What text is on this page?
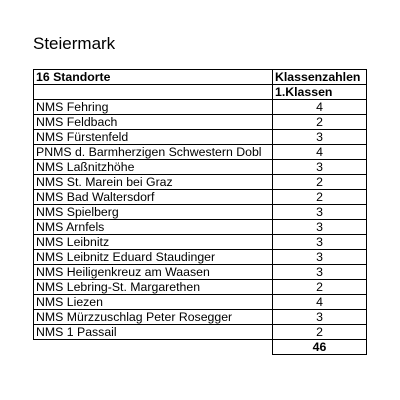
Steiermark
16 Standorte	Klassenzahlen
	1.Klassen
NMS Fehring	4
NMS Feldbach	2
NMS Fürstenfeld	3
PNMS d. Barmherzigen Schwestern Dobl	4
NMS Laßnitzhöhe	3
NMS St. Marein bei Graz	2
NMS Bad Waltersdorf	2
NMS Spielberg	3
NMS Arnfels	3
NMS Leibnitz	3
NMS Leibnitz Eduard Staudinger	3
NMS Heiligenkreuz am Waasen	3
NMS Lebring-St. Margarethen	2
NMS Liezen	4
NMS Mürzzuschlag Peter Rosegger	3
NMS 1 Passail	2
	46
